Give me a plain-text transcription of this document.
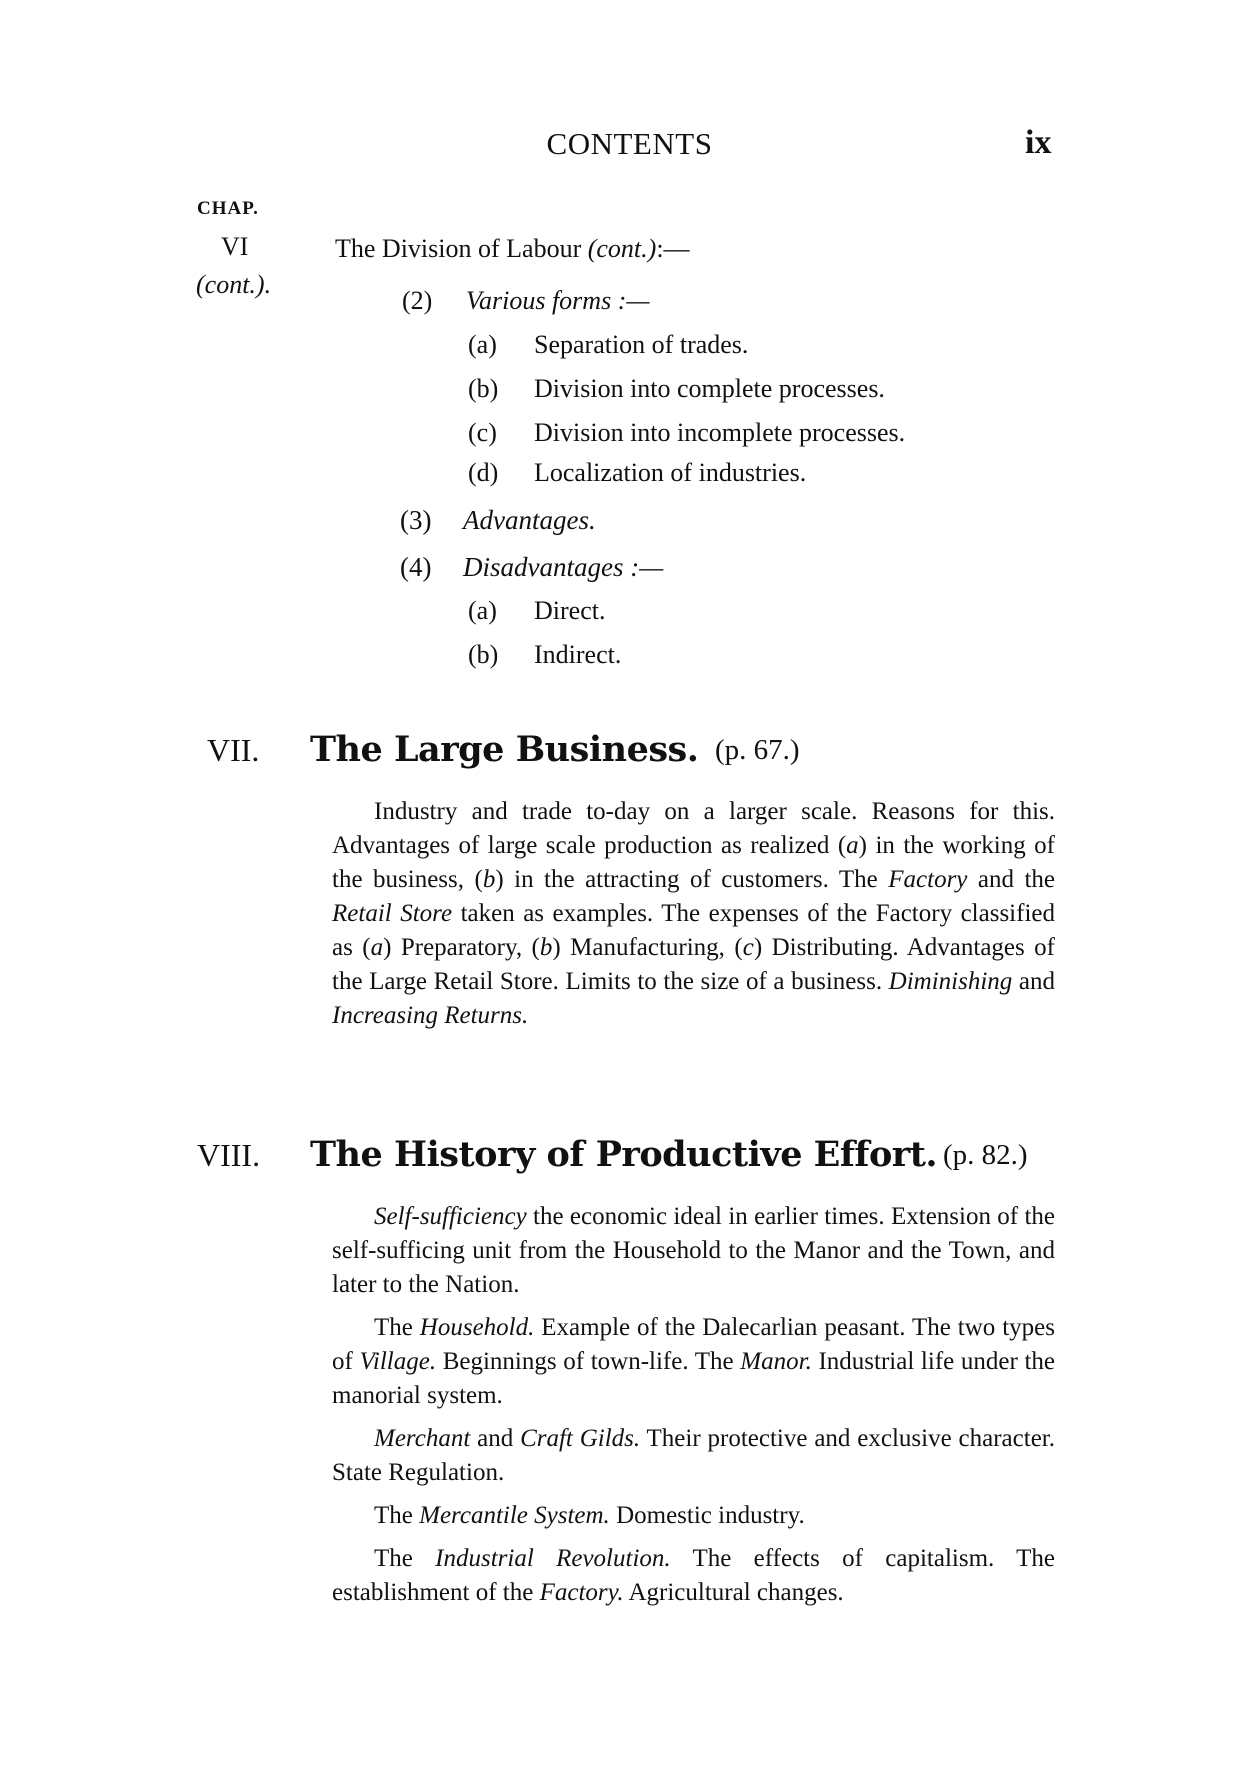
CONTENTS	ix
CHAP.
VI
(cont.).
The Division of Labour (cont.):—
(2) Various forms :—
(a) Separation of trades.
(b) Division into complete processes.
(c) Division into incomplete processes.
(d) Localization of industries.
(3) Advantages.
(4) Disadvantages :—
(a) Direct.
(b) Indirect.
VII. The Large Business. (p. 67.)

Industry and trade to-day on a larger scale. Reasons for this. Advantages of large scale production as realized (a) in the working of the business, (b) in the attracting of customers. The Factory and the Retail Store taken as examples. The expenses of the Factory classified as (a) Preparatory, (b) Manufacturing, (c) Distributing. Advantages of the Large Retail Store. Limits to the size of a business. Diminishing and Increasing Returns.

VIII. The History of Productive Effort. (p. 82.)

Self-sufficiency the economic ideal in earlier times. Extension of the self-sufficing unit from the Household to the Manor and the Town, and later to the Nation.

The Household. Example of the Dalecarlian peasant. The two types of Village. Beginnings of town-life. The Manor. Industrial life under the manorial system.

Merchant and Craft Gilds. Their protective and exclusive character. State Regulation.

The Mercantile System. Domestic industry.

The Industrial Revolution. The effects of capitalism. The establishment of the Factory. Agricultural changes.
